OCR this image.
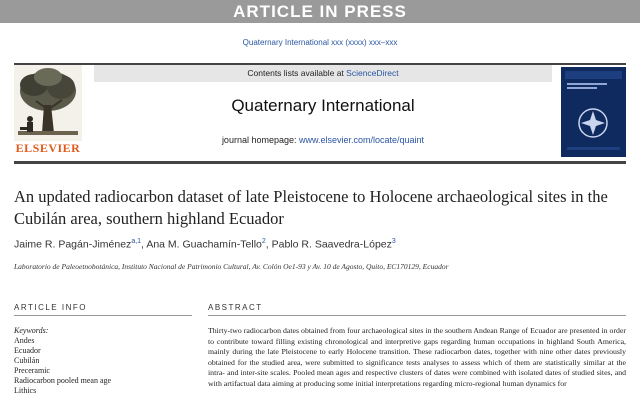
ARTICLE IN PRESS
Quaternary International xxx (xxxx) xxx–xxx
ELSEVIER
Contents lists available at ScienceDirect
Quaternary International
journal homepage: www.elsevier.com/locate/quaint
An updated radiocarbon dataset of late Pleistocene to Holocene archaeological sites in the Cubilán area, southern highland Ecuador
Jaime R. Pagán-Jiménez$^{a,1}$, Ana M. Guachamín-Tello$^2$, Pablo R. Saavedra-López$^3$
Laboratorio de Paleoetnobotánica, Instituto Nacional de Patrimonio Cultural, Av. Colón Oe1-93 y Av. 10 de Agosto, Quito, EC170129, Ecuador
ARTICLE INFO	ABSTRACT
Keywords:
Andes
Ecuador
Cubilán
Preceramic
Radiocarbon pooled mean age
Lithics
Thirty-two radiocarbon dates obtained from four archaeological sites in the southern Andean Range of Ecuador are presented in order to contribute toward filling existing chronological and interpretive gaps regarding human occupations in highland South America, mainly during the late Pleistocene to early Holocene transition. These radiocarbon dates, together with nine other dates previously obtained for the studied area, were submitted to significance tests analyses to assess which of them are statistically similar at the intra- and inter-site scales. Pooled mean ages and respective clusters of dates were combined with isolated dates of studied sites, and with artifactual data aiming at producing some initial interpretations regarding micro-regional human dynamics for
